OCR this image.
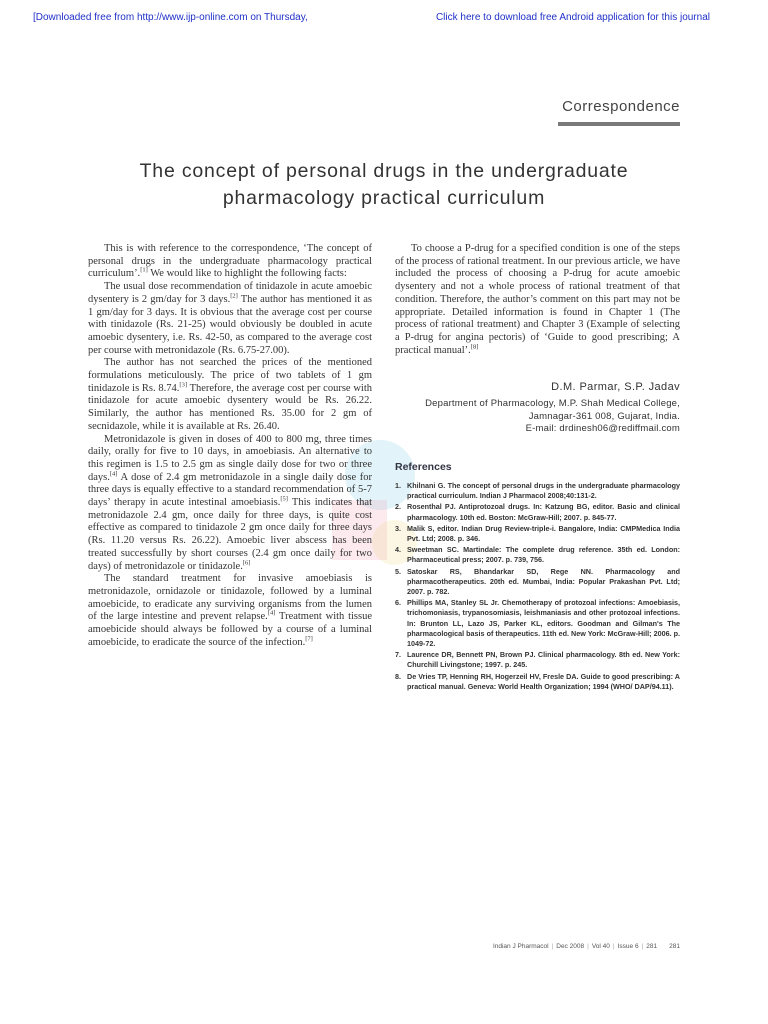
[Downloaded free from http://www.ijp-online.com on Thursday,	Click here to download free Android application for this journal
Correspondence
The concept of personal drugs in the undergraduate
pharmacology practical curriculum

This is with reference to the correspondence, ‘The concept of personal drugs in the undergraduate pharmacology practical curriculum’.[1] We would like to highlight the following facts:

The usual dose recommendation of tinidazole in acute amoebic dysentery is 2 gm/day for 3 days.[2] The author has mentioned it as 1 gm/day for 3 days. It is obvious that the average cost per course with tinidazole (Rs. 21-25) would obviously be doubled in acute amoebic dysentery, i.e. Rs. 42-50, as compared to the average cost per course with metronidazole (Rs. 6.75-27.00).

The author has not searched the prices of the mentioned formulations meticulously. The price of two tablets of 1 gm tinidazole is Rs. 8.74.[3] Therefore, the average cost per course with tinidazole for acute amoebic dysentery would be Rs. 26.22. Similarly, the author has mentioned Rs. 35.00 for 2 gm of secnidazole, while it is available at Rs. 26.40.

Metronidazole is given in doses of 400 to 800 mg, three times daily, orally for five to 10 days, in amoebiasis. An alternative to this regimen is 1.5 to 2.5 gm as single daily dose for two or three days.[4] A dose of 2.4 gm metronidazole in a single daily dose for three days is equally effective to a standard recommendation of 5-7 days’ therapy in acute intestinal amoebiasis.[5] This indicates that metronidazole 2.4 gm, once daily for three days, is quite cost effective as compared to tinidazole 2 gm once daily for three days (Rs. 11.20 versus Rs. 26.22). Amoebic liver abscess has been treated successfully by short courses (2.4 gm once daily for two days) of metronidazole or tinidazole.[6]

The standard treatment for invasive amoebiasis is metronidazole, ornidazole or tinidazole, followed by a luminal amoebicide, to eradicate any surviving organisms from the lumen of the large intestine and prevent relapse.[4] Treatment with tissue amoebicide should always be followed by a course of a luminal amoebicide, to eradicate the source of the infection.[7]

To choose a P-drug for a specified condition is one of the steps of the process of rational treatment. In our previous article, we have included the process of choosing a P-drug for acute amoebic dysentery and not a whole process of rational treatment of that condition. Therefore, the author’s comment on this part may not be appropriate. Detailed information is found in Chapter 1 (The process of rational treatment) and Chapter 3 (Example of selecting a P-drug for angina pectoris) of ‘Guide to good prescribing; A practical manual’.[8]

D.M. Parmar, S.P. Jadav
Department of Pharmacology, M.P. Shah Medical College,
Jamnagar-361 008, Gujarat, India.
E-mail: drdinesh06@rediffmail.com
References
1. Khilnani G. The concept of personal drugs in the undergraduate pharmacology practical curriculum. Indian J Pharmacol 2008;40:131-2.
2. Rosenthal PJ. Antiprotozoal drugs. In: Katzung BG, editor. Basic and clinical pharmacology. 10th ed. Boston: McGraw-Hill; 2007. p. 845-77.
3. Malik S, editor. Indian Drug Review-triple-i. Bangalore, India: CMPMedica India Pvt. Ltd; 2008. p. 346.
4. Sweetman SC. Martindale: The complete drug reference. 35th ed. London: Pharmaceutical press; 2007. p. 739, 756.
5. Satoskar RS, Bhandarkar SD, Rege NN. Pharmacology and pharmacotherapeutics. 20th ed. Mumbai, India: Popular Prakashan Pvt. Ltd; 2007. p. 782.
6. Phillips MA, Stanley SL Jr. Chemotherapy of protozoal infections: Amoebiasis, trichomoniasis, trypanosomiasis, leishmaniasis and other protozoal infections. In: Brunton LL, Lazo JS, Parker KL, editors. Goodman and Gilman's The pharmacological basis of therapeutics. 11th ed. New York: McGraw-Hill; 2006. p. 1049-72.
7. Laurence DR, Bennett PN, Brown PJ. Clinical pharmacology. 8th ed. New York: Churchill Livingstone; 1997. p. 245.
8. De Vries TP, Henning RH, Hogerzeil HV, Fresle DA. Guide to good prescribing: A practical manual. Geneva: World Health Organization; 1994 (WHO/ DAP/94.11).
Indian J Pharmacol | Dec 2008 | Vol 40 | Issue 6 | 281 281
